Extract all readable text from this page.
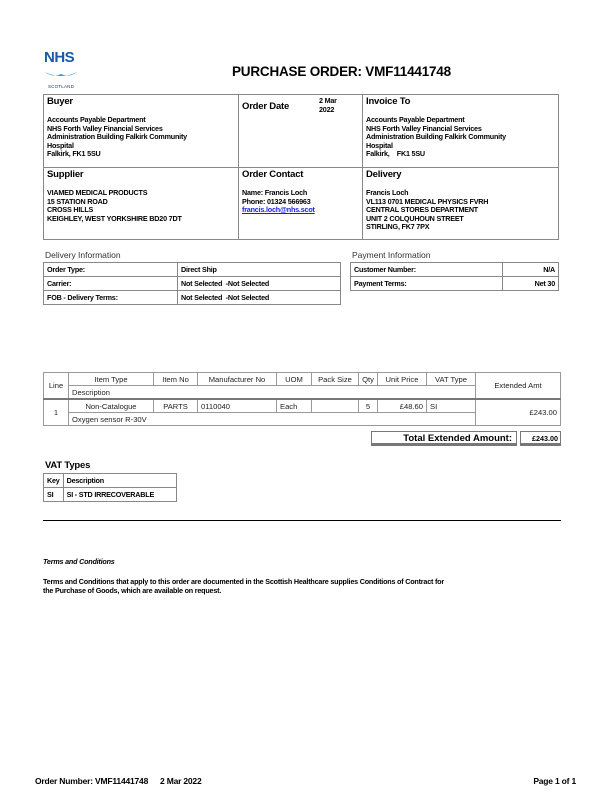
NHS
SCOTLAND
PURCHASE ORDER: VMF11441748
Buyer
Accounts Payable Department
NHS Forth Valley Financial Services
Administration Building Falkirk Community
Hospital
Falkirk, FK1 5SU
Order Date
2 Mar
2022
Invoice To
Accounts Payable Department
NHS Forth Valley Financial Services
Administration Building Falkirk Community
Hospital
Falkirk,    FK1 5SU
Supplier
VIAMED MEDICAL PRODUCTS
15 STATION ROAD
CROSS HILLS
KEIGHLEY, WEST YORKSHIRE BD20 7DT
Order Contact
Name: Francis Loch
Phone: 01324 566963
francis.loch@nhs.scot
Delivery
Francis Loch
VL113 0701 MEDICAL PHYSICS FVRH
CENTRAL STORES DEPARTMENT
UNIT 2 COLQUHOUN STREET
STIRLING, FK7 7PX
Delivery Information
Order Type:	Direct Ship
Carrier:	Not Selected  -Not Selected
FOB - Delivery Terms:	Not Selected  -Not Selected
Payment Information
Customer Number:	N/A
Payment Terms:	Net 30
Line	Item Type	Item No	Manufacturer No	UOM	Pack Size	Qty	Unit Price	VAT Type	Extended Amt
	Description								
1	Non-Catalogue	PARTS	0110040	Each		5	£48.60	SI	£243.00
	Oxygen sensor R-30V								
Total Extended Amount:	£243.00
VAT Types
Key	Description
SI	SI - STD IRRECOVERABLE
Terms and Conditions
Terms and Conditions that apply to this order are documented in the Scottish Healthcare supplies Conditions of Contract for
the Purchase of Goods, which are available on request.
Order Number: VMF11441748 2 Mar 2022	Page 1 of 1
